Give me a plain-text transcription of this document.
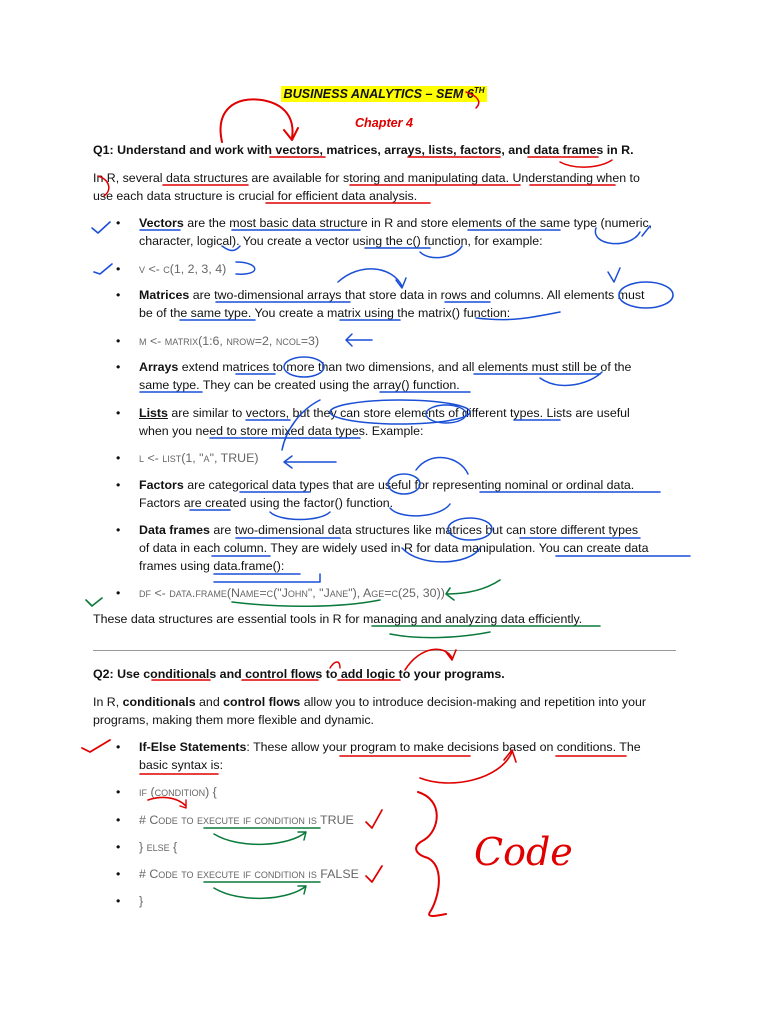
BUSINESS ANALYTICS – SEM 6TH
Chapter 4
Q1: Understand and work with vectors, matrices, arrays, lists, factors, and data frames in R.
In R, several data structures are available for storing and manipulating data. Understanding when to
use each data structure is crucial for efficient data analysis.
• Vectors are the most basic data structure in R and store elements of the same type (numeric,
character, logical). You create a vector using the c() function, for example:
• v <- c(1, 2, 3, 4)
• Matrices are two-dimensional arrays that store data in rows and columns. All elements must
be of the same type. You create a matrix using the matrix() function:
• m <- matrix(1:6, nrow=2, ncol=3)
• Arrays extend matrices to more than two dimensions, and all elements must still be of the
same type. They can be created using the array() function.
• Lists are similar to vectors, but they can store elements of different types. Lists are useful
when you need to store mixed data types. Example:
• l <- list(1, "a", TRUE)
• Factors are categorical data types that are useful for representing nominal or ordinal data.
Factors are created using the factor() function.
• Data frames are two-dimensional data structures like matrices but can store different types
of data in each column. They are widely used in R for data manipulation. You can create data
frames using data.frame():
• df <- data.frame(Name=c("John", "Jane"), Age=c(25, 30))
These data structures are essential tools in R for managing and analyzing data efficiently.
Q2: Use conditionals and control flows to add logic to your programs.
In R, conditionals and control flows allow you to introduce decision-making and repetition into your
programs, making them more flexible and dynamic.
• If-Else Statements: These allow your program to make decisions based on conditions. The
basic syntax is:
• if (condition) {
• # Code to execute if condition is TRUE
• } else {
• # Code to execute if condition is FALSE
• }
Code
